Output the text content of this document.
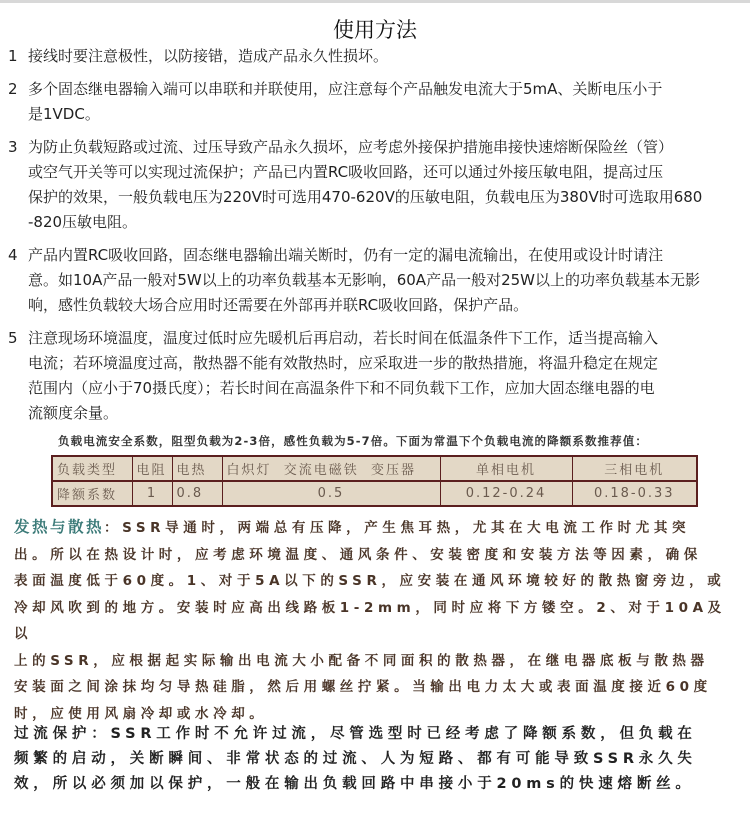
使用方法
1 接线时要注意极性，以防接错，造成产品永久性损坏。
2 多个固态继电器输入端可以串联和并联使用，应注意每个产品触发电流大于5mA、关断电压小于
是1VDC。
3 为防止负载短路或过流、过压导致产品永久损坏，应考虑外接保护措施串接快速熔断保险丝（管）
或空气开关等可以实现过流保护；产品已内置RC吸收回路，还可以通过外接压敏电阻，提高过压
保护的效果，一般负载电压为220V时可选用470-620V的压敏电阻，负载电压为380V时可选取用680
-820压敏电阻。
4 产品内置RC吸收回路，固态继电器输出端关断时，仍有一定的漏电流输出，在使用或设计时请注
意。如10A产品一般对5W以上的功率负载基本无影响，60A产品一般对25W以上的功率负载基本无影
响，感性负载较大场合应用时还需要在外部再并联RC吸收回路，保护产品。
5 注意现场环境温度，温度过低时应先暖机后再启动，若长时间在低温条件下工作，适当提高输入
电流；若环境温度过高，散热器不能有效散热时，应采取进一步的散热措施，将温升稳定在规定
范围内（应小于70摄氏度）；若长时间在高温条件下和不同负载下工作，应加大固态继电器的电
流额度余量。
负载电流安全系数，阻型负载为2-3倍，感性负载为5-7倍。下面为常温下个负载电流的降额系数推荐值：
负载类型	电阻	电热	白炽灯  交流电磁铁  变压器	单相电机	三相电机
降额系数	1	0.8	0.5	0.12-0.24	0.18-0.33
发热与散热：SSR导通时，两端总有压降，产生焦耳热，尤其在大电流工作时尤其突
出。所以在热设计时，应考虑环境温度、通风条件、安装密度和安装方法等因素，确保
表面温度低于60度。1、对于5A以下的SSR，应安装在通风环境较好的散热窗旁边，或
冷却风吹到的地方。安装时应高出线路板1-2mm，同时应将下方镂空。2、对于10A及以
上的SSR，应根据起实际输出电流大小配备不同面积的散热器，在继电器底板与散热器
安装面之间涂抹均匀导热硅脂，然后用螺丝拧紧。当输出电力太大或表面温度接近60度
时，应使用风扇冷却或水冷却。
过流保护：SSR工作时不允许过流，尽管选型时已经考虑了降额系数，但负载在
频繁的启动，关断瞬间、非常状态的过流、人为短路、都有可能导致SSR永久失
效，所以必须加以保护，一般在输出负载回路中串接小于20ms的快速熔断丝。
